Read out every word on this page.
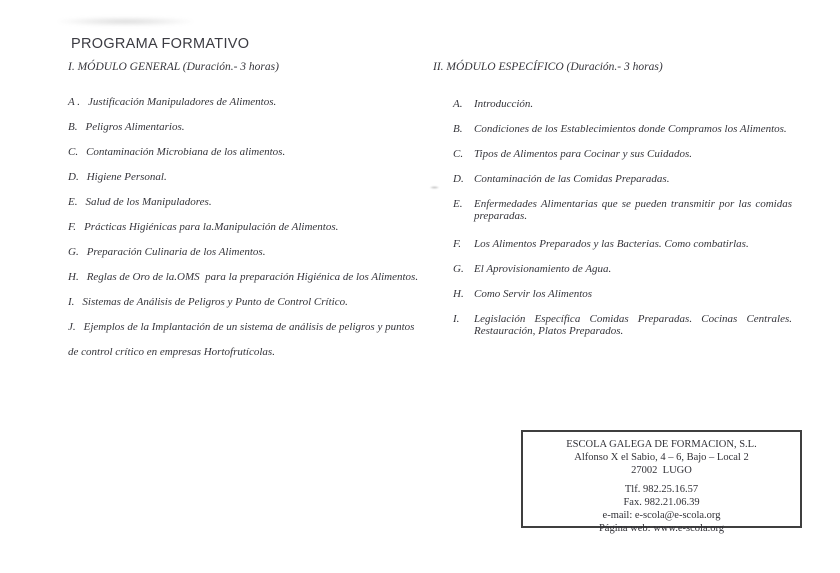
PROGRAMA FORMATIVO
I. MÓDULO GENERAL (Duración.- 3 horas)
A . Justificación Manipuladores de Alimentos.
B. Peligros Alimentarios.
C. Contaminación Microbiana de los alimentos.
D. Higiene Personal.
E. Salud de los Manipuladores.
F. Prácticas Higiénicas para la.Manipulación de Alimentos.
G. Preparación Culinaria de los Alimentos.
H. Reglas de Oro de la.OMS  para la preparación Higiénica de los Alimentos.
I. Sistemas de Análisis de Peligros y Punto de Control Crítico.
J. Ejemplos de la Implantación de un sistema de análisis de peligros y puntos de control crítico en empresas Hortofrutícolas.
II. MÓDULO ESPECÍFICO (Duración.- 3 horas)
A.	Introducción.
B.	Condiciones de los Establecimientos donde Compramos los Alimentos.
C. Tipos de Alimentos para Cocinar y sus Cuidados.
D. Contaminación de las Comidas Preparadas.
E.	Enfermedades Alimentarias que se pueden transmitir por las comidas preparadas.
F.	Los Alimentos Preparados y las Bacterias. Como combatirlas.
G. El Aprovisionamiento de Agua.
H. Como Servir los Alimentos
I.	Legislación Específica Comidas Preparadas. Cocinas Centrales. Restauración, Platos Preparados.
ESCOLA GALEGA DE FORMACION, S.L.
Alfonso X el Sabio, 4 – 6, Bajo – Local 2
27002  LUGO
Tlf. 982.25.16.57
Fax. 982.21.06.39
e-mail: e-scola@e-scola.org
Página web: www.e-scola.org
